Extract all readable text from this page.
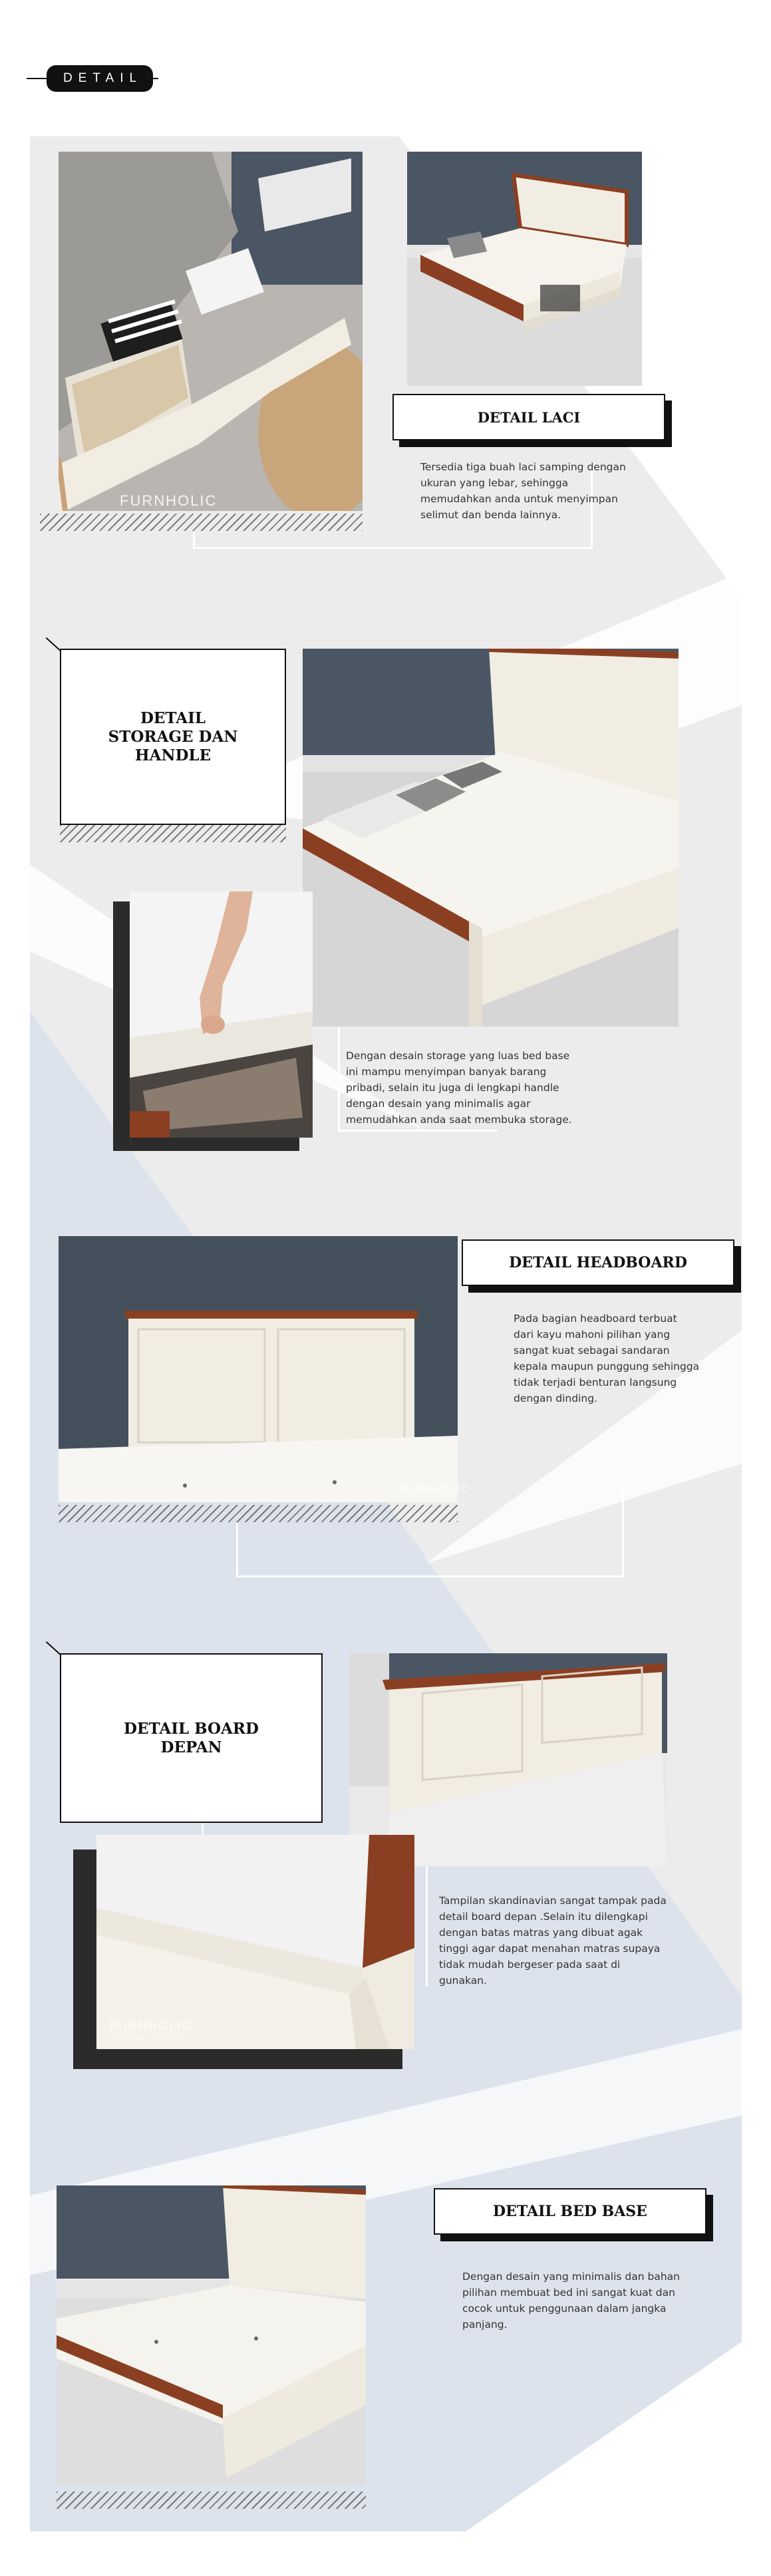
DETAIL
FURNHOLIC
DETAIL LACI
Tersedia tiga buah laci samping dengan ukuran yang lebar, sehingga memudahkan anda untuk menyimpan selimut dan benda lainnya.
DETAIL STORAGE DAN HANDLE
Dengan desain storage yang luas bed base ini mampu menyimpan banyak barang pribadi, selain itu juga di lengkapi handle dengan desain yang minimalis agar memudahkan anda saat membuka storage.
FURNHOLIC
DETAIL HEADBOARD
Pada bagian headboard terbuat dari kayu mahoni pilihan yang sangat kuat sebagai sandaran kepala maupun punggung sehingga tidak terjadi benturan langsung dengan dinding.
DETAIL BOARD DEPAN
FURNHOLIC
FURNITURE CONTROLS
Tampilan skandinavian sangat tampak pada detail board depan .Selain itu dilengkapi dengan batas matras yang dibuat agak tinggi agar dapat menahan matras supaya tidak mudah bergeser pada saat di gunakan.
DETAIL BED BASE
Dengan desain yang minimalis dan bahan pilihan membuat bed ini sangat kuat dan cocok untuk penggunaan dalam jangka panjang.
